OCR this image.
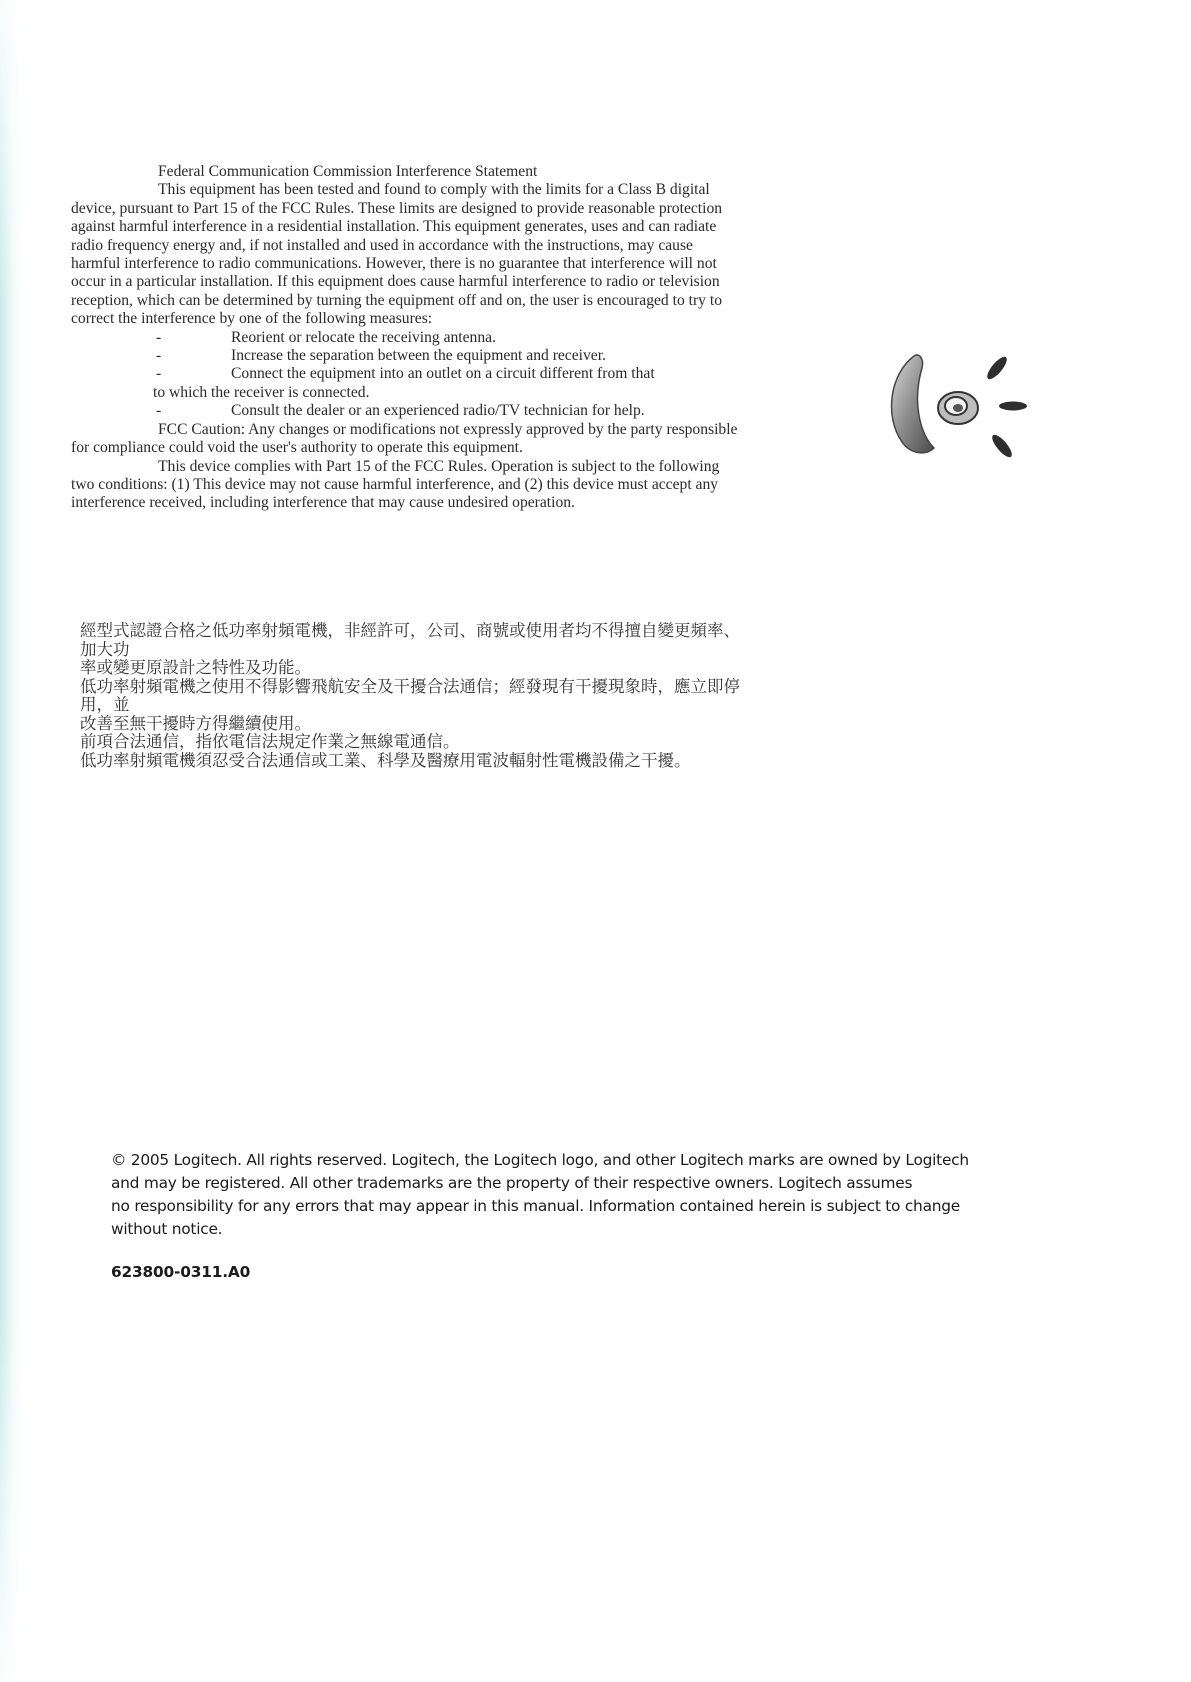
Federal Communication Commission Interference Statement

This equipment has been tested and found to comply with the limits for a Class B digital device, pursuant to Part 15 of the FCC Rules. These limits are designed to provide reasonable protection against harmful interference in a residential installation. This equipment generates, uses and can radiate radio frequency energy and, if not installed and used in accordance with the instructions, may cause harmful interference to radio communications. However, there is no guarantee that interference will not occur in a particular installation. If this equipment does cause harmful interference to radio or television reception, which can be determined by turning the equipment off and on, the user is encouraged to try to correct the interference by one of the following measures:

-	Reorient or relocate the receiving antenna.

-	Increase the separation between the equipment and receiver.

-	Connect the equipment into an outlet on a circuit different from that

to which the receiver is connected.

-	Consult the dealer or an experienced radio/TV technician for help.

FCC Caution: Any changes or modifications not expressly approved by the party responsible for compliance could void the user's authority to operate this equipment.

This device complies with Part 15 of the FCC Rules. Operation is subject to the following two conditions: (1) This device may not cause harmful interference, and (2) this device must accept any interference received, including interference that may cause undesired operation.

經型式認證合格之低功率射頻電機，非經許可，公司、商號或使用者均不得擅自變更頻率、加大功

率或變更原設計之特性及功能。

低功率射頻電機之使用不得影響飛航安全及干擾合法通信；經發現有干擾現象時，應立即停用，並

改善至無干擾時方得繼續使用。

前項合法通信，指依電信法規定作業之無線電通信。

低功率射頻電機須忍受合法通信或工業、科學及醫療用電波輻射性電機設備之干擾。

© 2005 Logitech. All rights reserved. Logitech, the Logitech logo, and other Logitech marks are owned by Logitech

and may be registered. All other trademarks are the property of their respective owners. Logitech assumes

no responsibility for any errors that may appear in this manual. Information contained herein is subject to change

without notice.

623800-0311.A0
